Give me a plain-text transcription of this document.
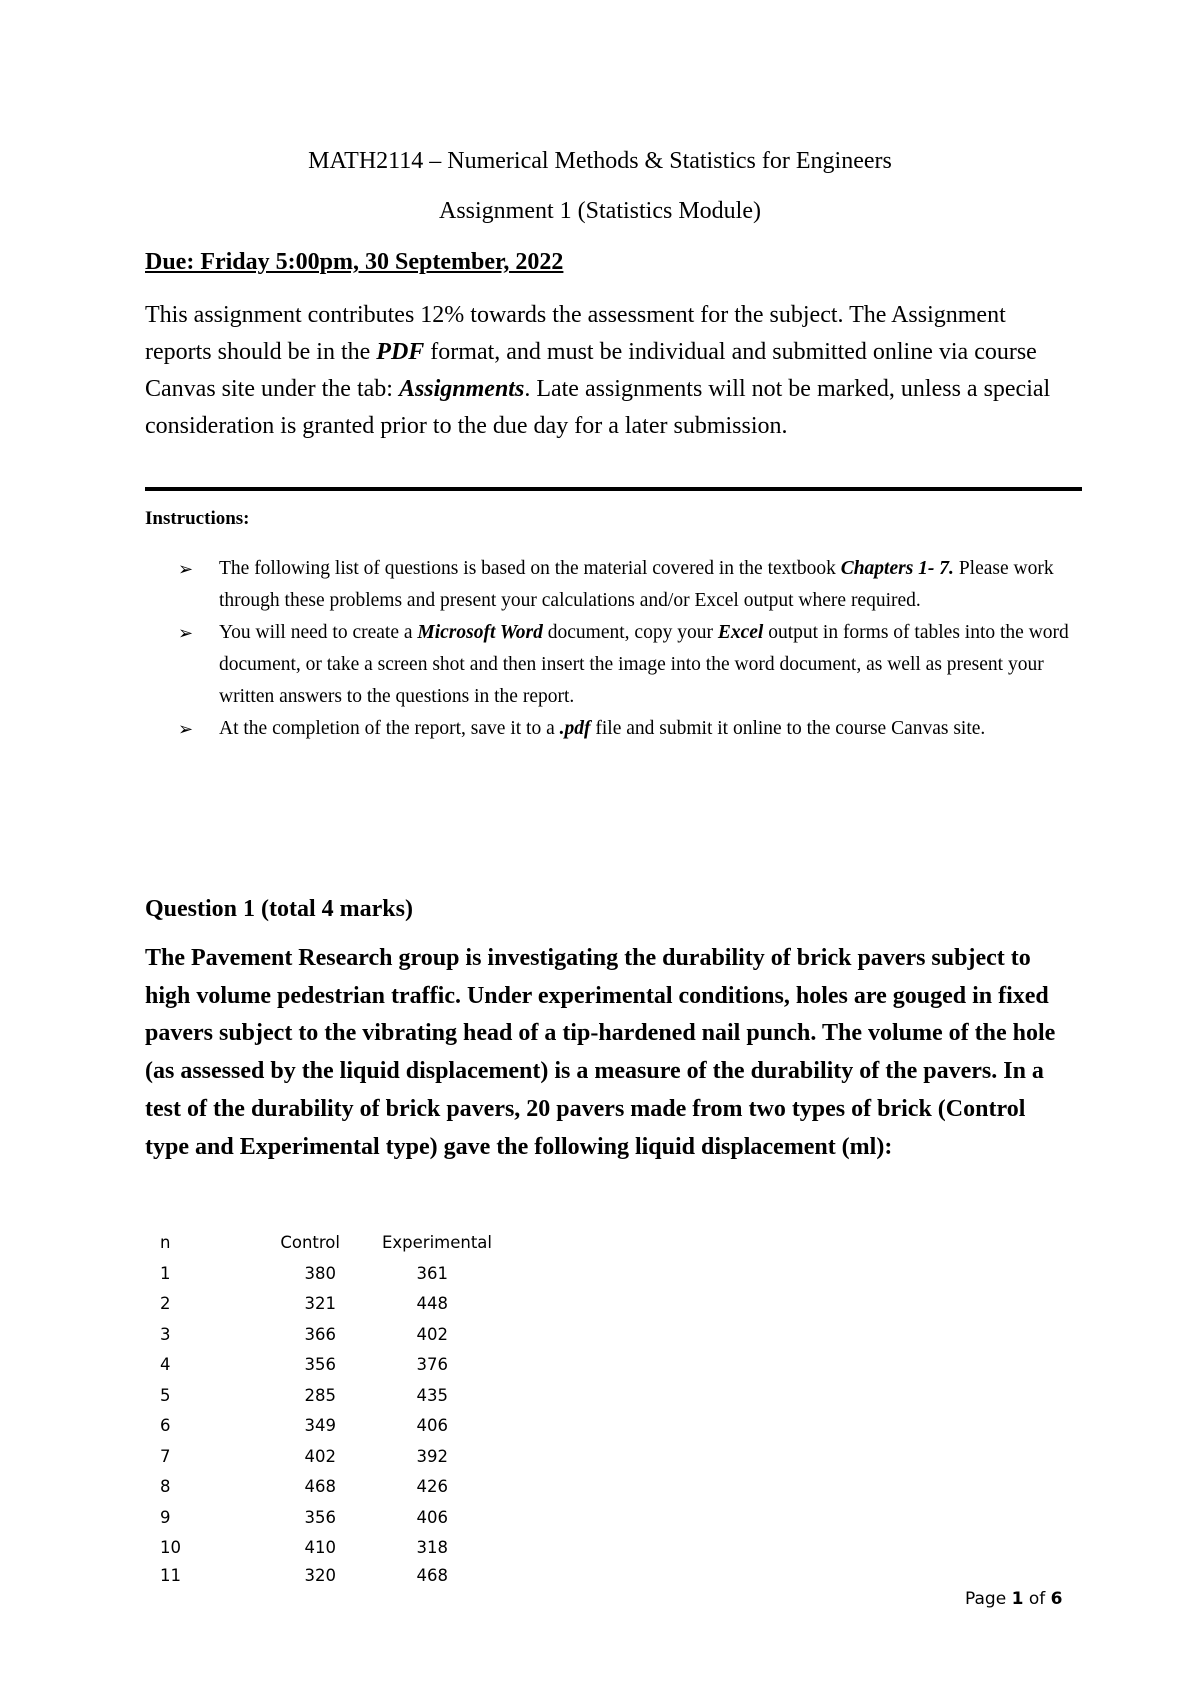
MATH2114 – Numerical Methods & Statistics for Engineers
Assignment 1 (Statistics Module)
Due: Friday 5:00pm, 30 September, 2022
This assignment contributes 12% towards the assessment for the subject. The Assignment reports should be in the PDF format, and must be individual and submitted online via course Canvas site under the tab: Assignments. Late assignments will not be marked, unless a special consideration is granted prior to the due day for a later submission.
Instructions:
➢ The following list of questions is based on the material covered in the textbook Chapters 1- 7. Please work through these problems and present your calculations and/or Excel output where required.
➢ You will need to create a Microsoft Word document, copy your Excel output in forms of tables into the word document, or take a screen shot and then insert the image into the word document, as well as present your written answers to the questions in the report.
➢ At the completion of the report, save it to a .pdf file and submit it online to the course Canvas site.
Question 1 (total 4 marks)
The Pavement Research group is investigating the durability of brick pavers subject to high volume pedestrian traffic. Under experimental conditions, holes are gouged in fixed pavers subject to the vibrating head of a tip-hardened nail punch. The volume of the hole (as assessed by the liquid displacement) is a measure of the durability of the pavers. In a test of the durability of brick pavers, 20 pavers made from two types of brick (Control type and Experimental type) gave the following liquid displacement (ml):
n	Control	Experimental
1	380	361
2	321	448
3	366	402
4	356	376
5	285	435
6	349	406
7	402	392
8	468	426
9	356	406
10	410	318
11	320	468
Page 1 of 6
